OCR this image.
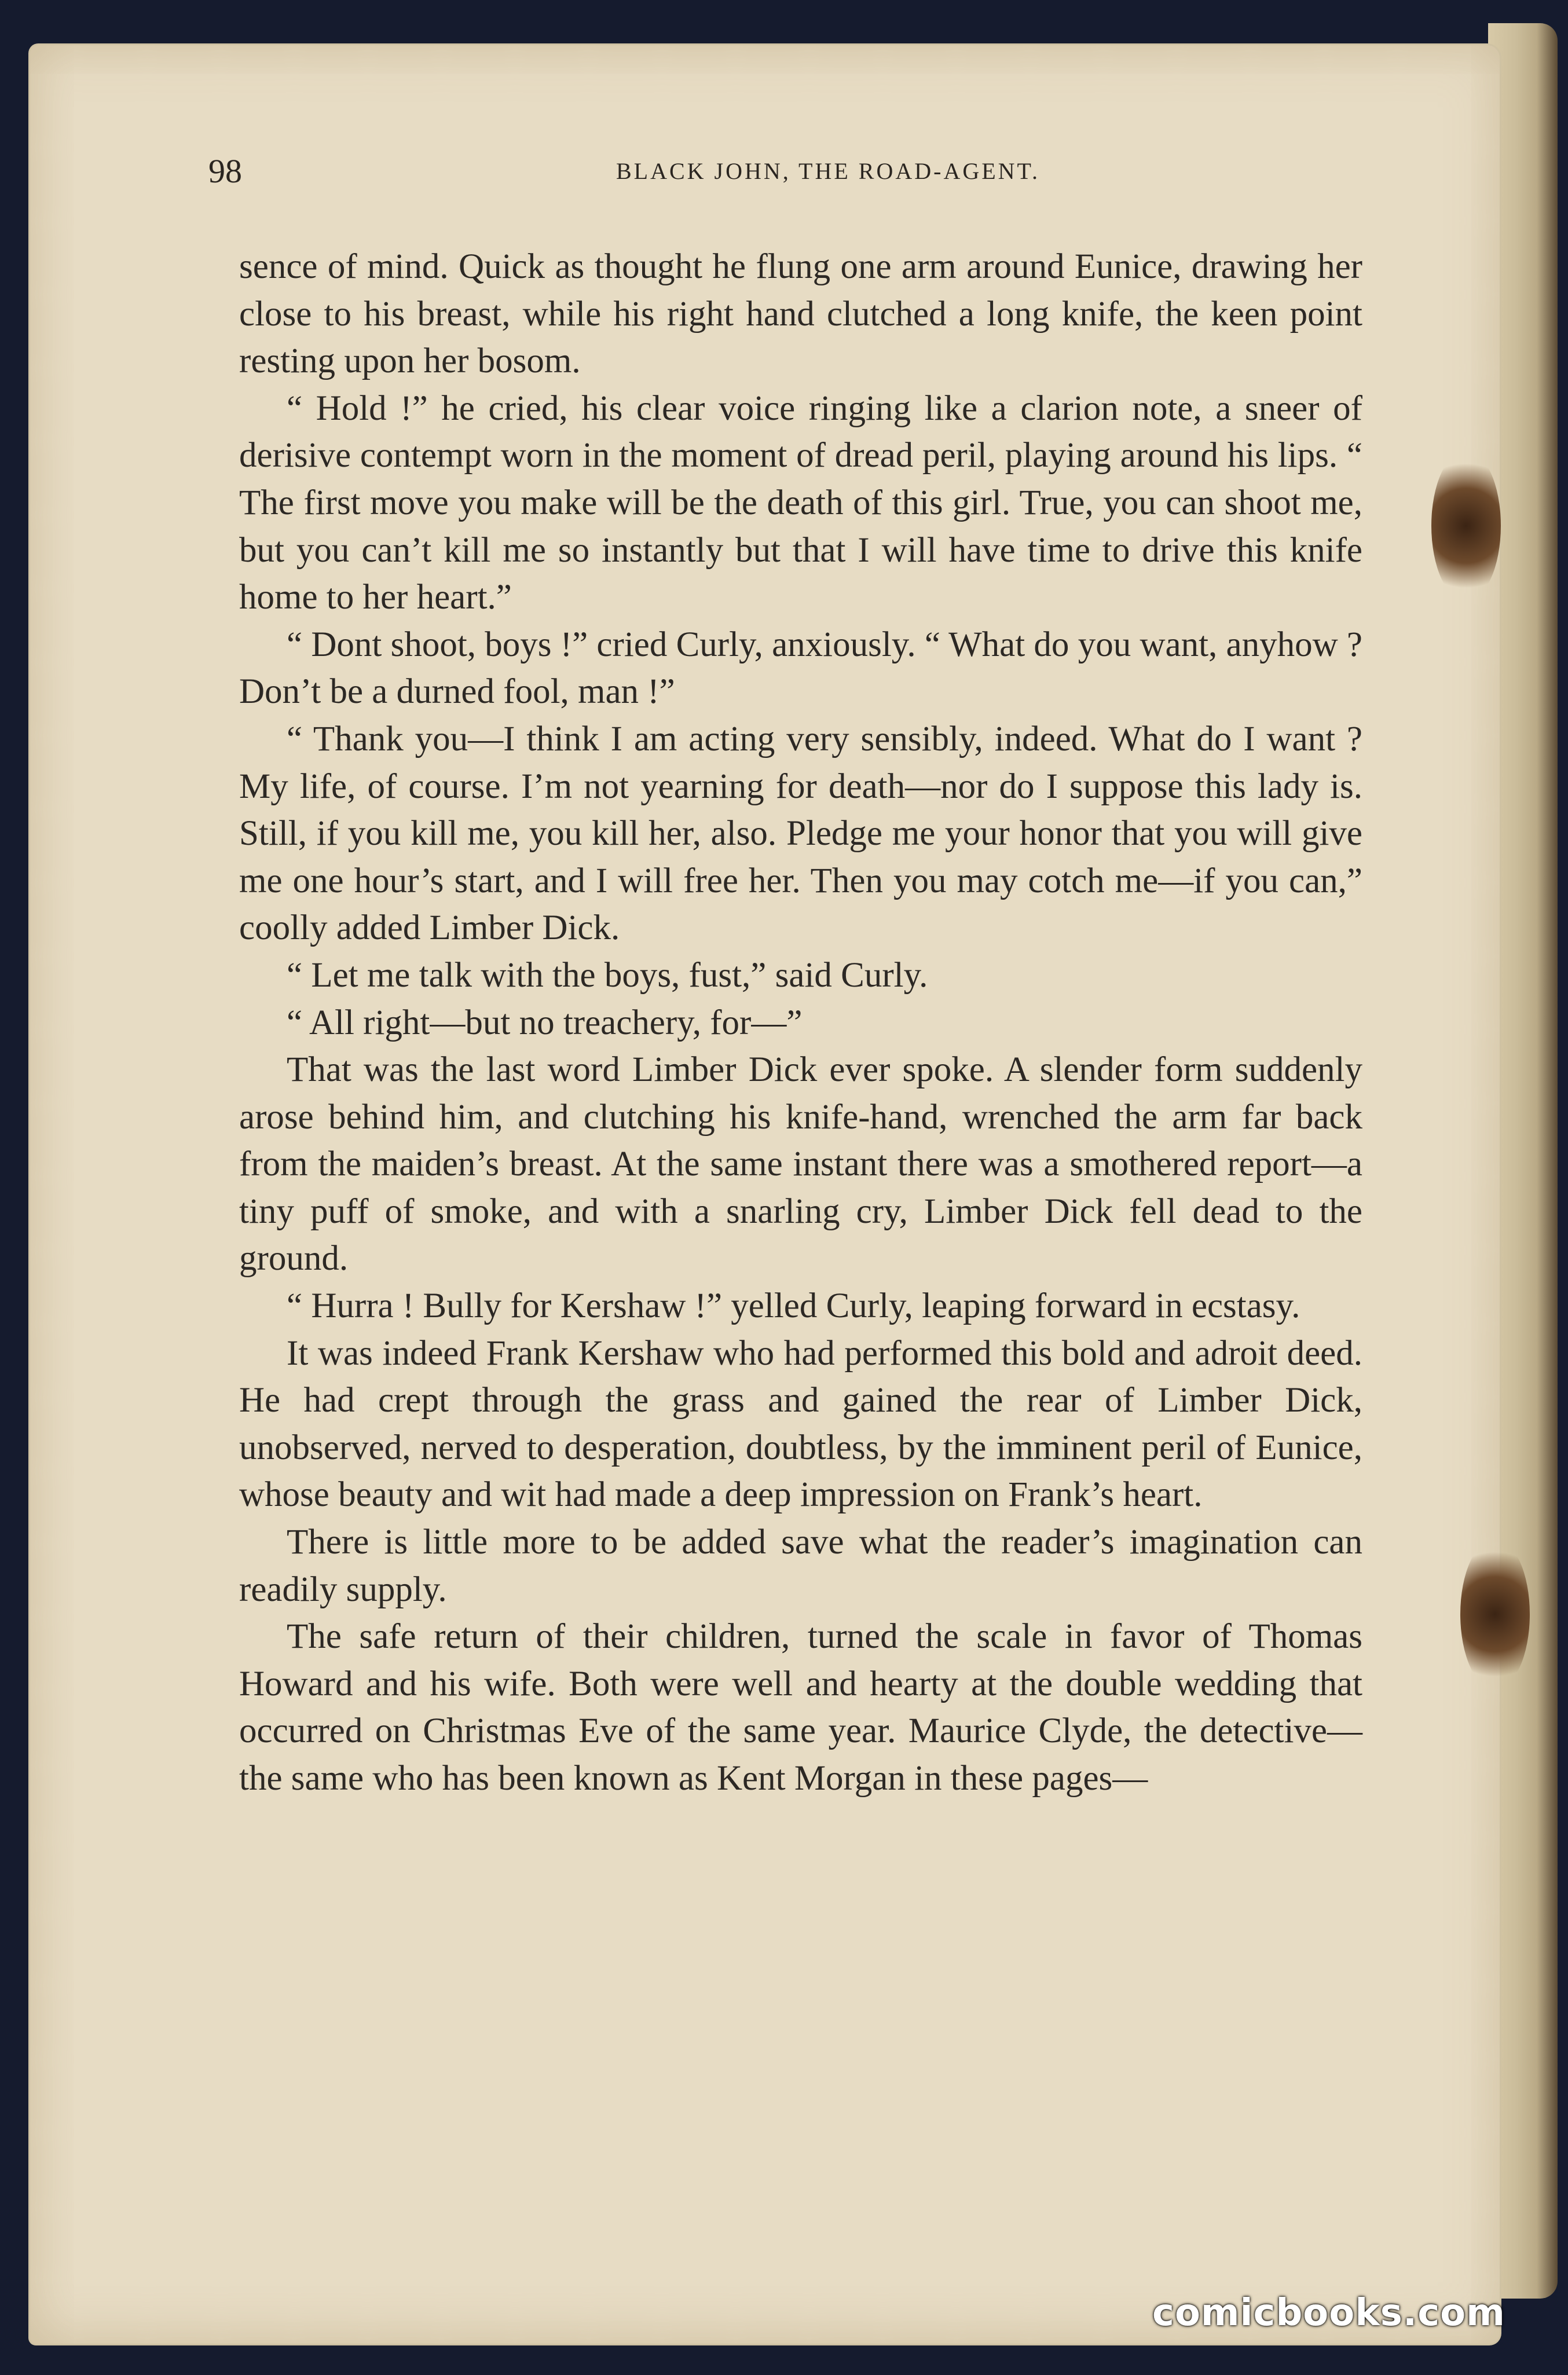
98	BLACK JOHN, THE ROAD-AGENT.

sence of mind. Quick as thought he flung one arm around Eunice, drawing her close to his breast, while his right hand clutched a long knife, the keen point resting upon her bosom.

“ Hold !” he cried, his clear voice ringing like a clarion note, a sneer of derisive contempt worn in the moment of dread peril, playing around his lips. “ The first move you make will be the death of this girl. True, you can shoot me, but you can’t kill me so instantly but that I will have time to drive this knife home to her heart.”

“ Dont shoot, boys !” cried Curly, anxiously. “ What do you want, anyhow ? Don’t be a durned fool, man !”

“ Thank you—I think I am acting very sensibly, indeed. What do I want ? My life, of course. I’m not yearning for death—nor do I suppose this lady is. Still, if you kill me, you kill her, also. Pledge me your honor that you will give me one hour’s start, and I will free her. Then you may cotch me—if you can,” coolly added Limber Dick.

“ Let me talk with the boys, fust,” said Curly.

“ All right—but no treachery, for—”

That was the last word Limber Dick ever spoke. A slender form suddenly arose behind him, and clutching his knife-hand, wrenched the arm far back from the maiden’s breast. At the same instant there was a smothered report—a tiny puff of smoke, and with a snarling cry, Limber Dick fell dead to the ground.

“ Hurra ! Bully for Kershaw !” yelled Curly, leaping forward in ecstasy.

It was indeed Frank Kershaw who had performed this bold and adroit deed. He had crept through the grass and gained the rear of Limber Dick, unobserved, nerved to desperation, doubtless, by the imminent peril of Eunice, whose beauty and wit had made a deep impression on Frank’s heart.

There is little more to be added save what the reader’s imagination can readily supply.

The safe return of their children, turned the scale in favor of Thomas Howard and his wife. Both were well and hearty at the double wedding that occurred on Christmas Eve of the same year. Maurice Clyde, the detective—the same who has been known as Kent Morgan in these pages—

comicbooks.com
